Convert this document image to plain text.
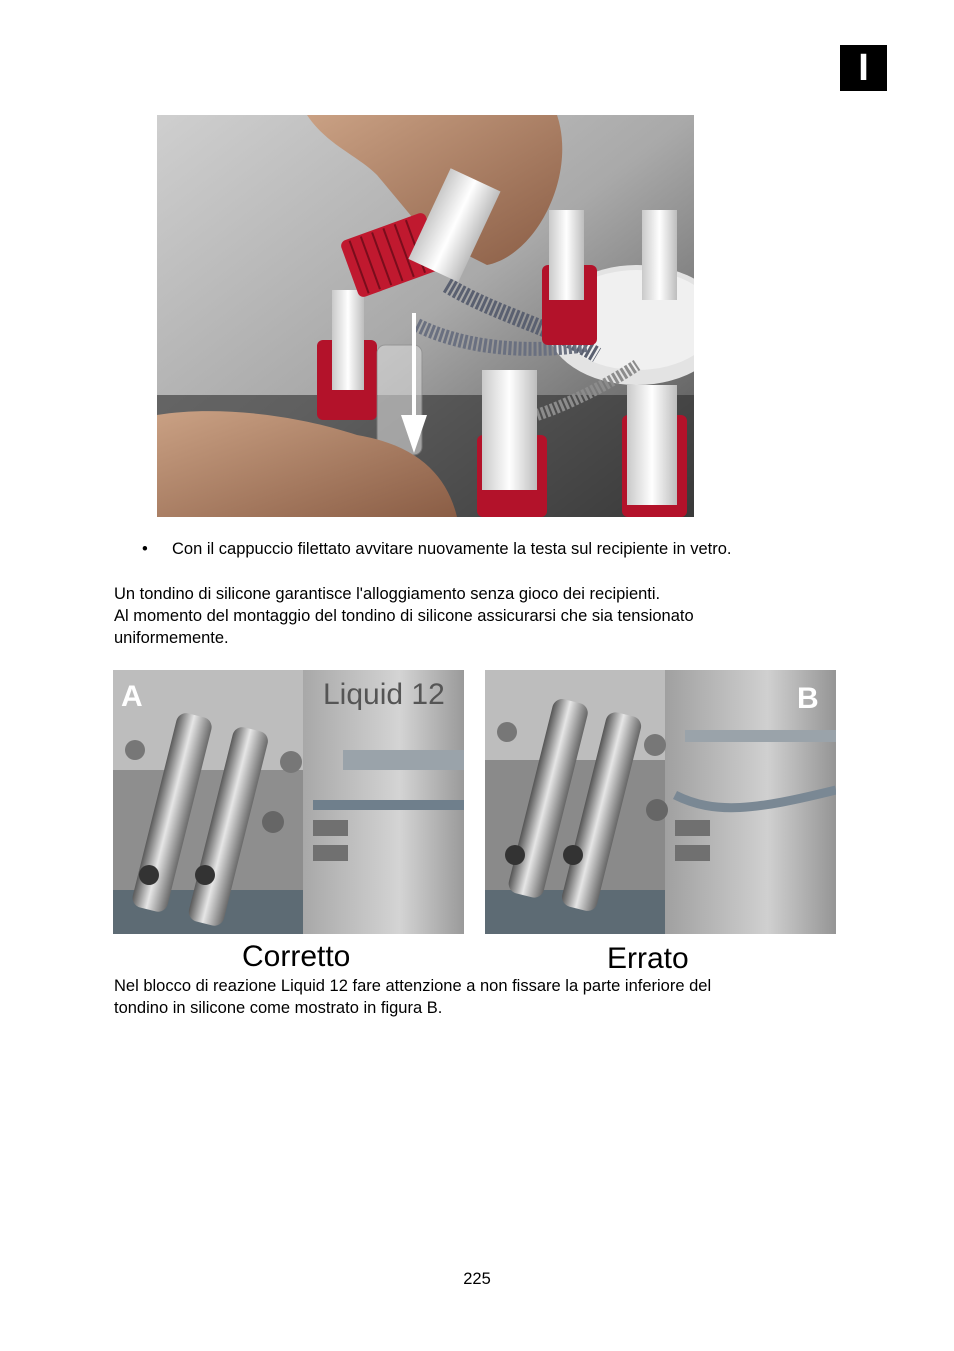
I
•	Con il cappuccio filettato avvitare nuovamente la testa sul recipiente in vetro.
Un tondino di silicone garantisce l'alloggiamento senza gioco dei recipienti.
Al momento del montaggio del tondino di silicone assicurarsi che sia tensionato
uniformemente.
A	Liquid 12	B
Corretto	Errato
Nel blocco di reazione Liquid 12 fare attenzione a non fissare la parte inferiore del
tondino in silicone come mostrato in figura B.
225
